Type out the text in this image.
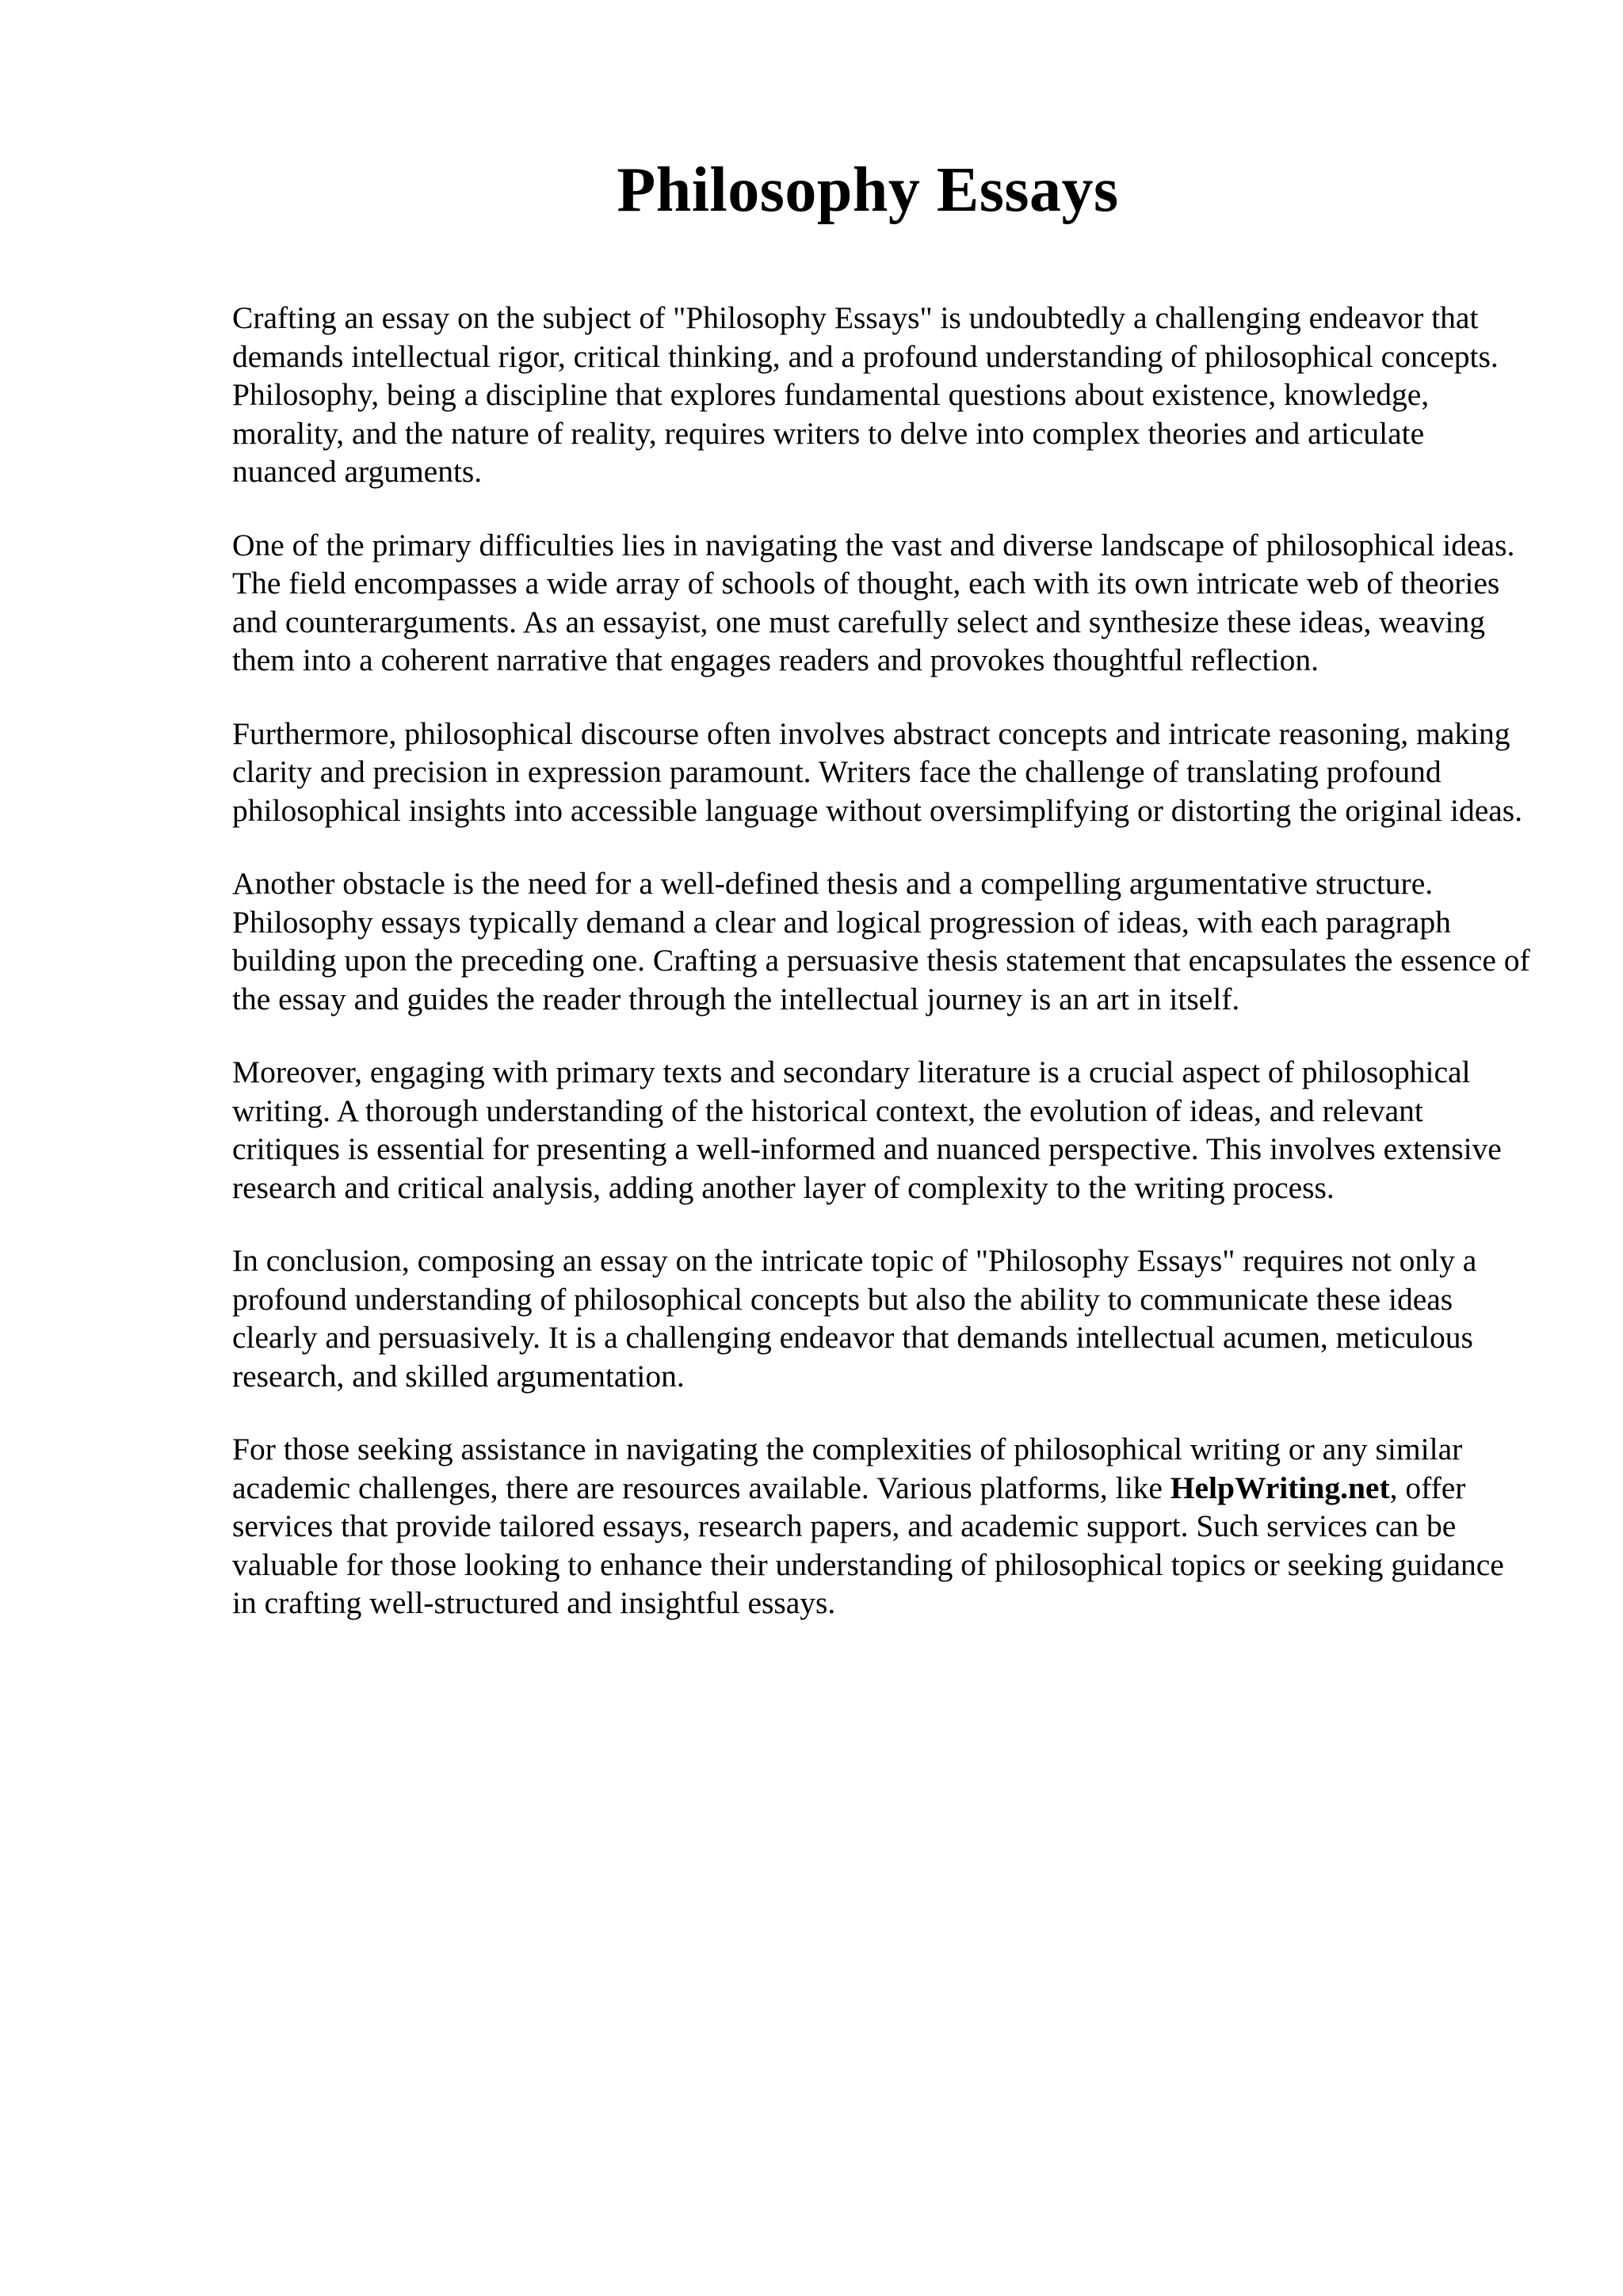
Philosophy Essays

Crafting an essay on the subject of "Philosophy Essays" is undoubtedly a challenging endeavor that demands intellectual rigor, critical thinking, and a profound understanding of philosophical concepts. Philosophy, being a discipline that explores fundamental questions about existence, knowledge, morality, and the nature of reality, requires writers to delve into complex theories and articulate nuanced arguments.

One of the primary difficulties lies in navigating the vast and diverse landscape of philosophical ideas. The field encompasses a wide array of schools of thought, each with its own intricate web of theories and counterarguments. As an essayist, one must carefully select and synthesize these ideas, weaving them into a coherent narrative that engages readers and provokes thoughtful reflection.

Furthermore, philosophical discourse often involves abstract concepts and intricate reasoning, making clarity and precision in expression paramount. Writers face the challenge of translating profound philosophical insights into accessible language without oversimplifying or distorting the original ideas.

Another obstacle is the need for a well-defined thesis and a compelling argumentative structure. Philosophy essays typically demand a clear and logical progression of ideas, with each paragraph building upon the preceding one. Crafting a persuasive thesis statement that encapsulates the essence of the essay and guides the reader through the intellectual journey is an art in itself.

Moreover, engaging with primary texts and secondary literature is a crucial aspect of philosophical writing. A thorough understanding of the historical context, the evolution of ideas, and relevant critiques is essential for presenting a well-informed and nuanced perspective. This involves extensive research and critical analysis, adding another layer of complexity to the writing process.

In conclusion, composing an essay on the intricate topic of "Philosophy Essays" requires not only a profound understanding of philosophical concepts but also the ability to communicate these ideas clearly and persuasively. It is a challenging endeavor that demands intellectual acumen, meticulous research, and skilled argumentation.

For those seeking assistance in navigating the complexities of philosophical writing or any similar academic challenges, there are resources available. Various platforms, like HelpWriting.net, offer services that provide tailored essays, research papers, and academic support. Such services can be valuable for those looking to enhance their understanding of philosophical topics or seeking guidance in crafting well-structured and insightful essays.
